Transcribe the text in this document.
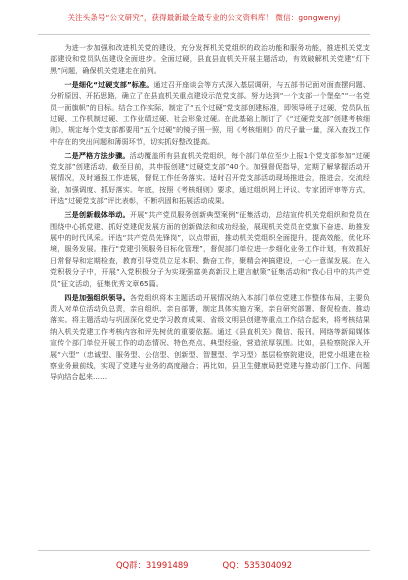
关注头条号“公文研究”，获得最新最全最专业的公文资料库！ 微信：gongwenyj

为进一步加强和改进机关党的建设，充分发挥机关党组织的政治功能和服务功能，推进机关党支部建设和党员队伍建设全面进步。全面过硬，县直县直机关开展主题活动，有效破解机关党建“灯下黑”问题，确保机关党建走在前列。

一是细化“过硬支部”标准。通过召开座谈会等方式深入基层调研，与五部书记面对面查摆问题、分析原因、开拓思路，确立了在县直机关重点建设示范党支部。努力达到“一个支部一个堡垒”“一名党员一面旗帜”的目标。结合工作实际，制定了“五个过硬”党支部创建标准，即领导班子过硬、党员队伍过硬、工作机制过硬、工作业绩过硬、社会形象过硬。在此基础上制订了《“过硬党支部”创建考核细则》，规定每个党支部都要用“五个过硬”的镜子照一照，用《考核细则》的尺子量一量，深入查找工作中存在的突出问题和薄弱环节，切实抓好整改提高。

二是严格方法步骤。活动覆盖所有县直机关党组织，每个部门单位至少上报1个党支部参加“过硬党支部”创建活动，截至目前，共申报创建“过硬党支部”40个。加强督促指导，定期了解掌握活动开展情况，及时通报工作进展，督促工作任务落实。适时召开党支部活动现场推进会，推进会，交流经验，加强调度、抓好落实。年底，按照《考核细则》要求，通过组织网上评议、专家团评审等方式，评选“过硬党支部”评比表彰，不断巩固和拓展活动成果。

三是创新载体举动。开展“共产党员服务创新典型案例”征集活动，总结宣传机关党组织和党员在围绕中心抓党建、抓好党建促发展方面的创新做法和成功经验，展现机关党员在党旗下奋进、助推发展中的时代风采。评选“共产党员先锋岗”，以点带面，推动机关党组织全面提升，提高效能，优化环境，服务发展。推行“党建引领服务目标化管理”，督促部门单位进一步细化业务工作计划，有效抓好日常督导和定期检查，教育引导党员立足本职、勤奋工作，聚精会神搞建设，一心一意谋发展。在入党积极分子中，开展“入党积极分子为实现强富美高新汉上建言献策”征集活动和“我心目中的共产党员”征文活动，征集优秀文章65篇。

四是加强组织领导。各党组织将本主题活动开展情况纳入本部门单位党建工作整体布局，主要负责人对单位活动负总责，亲自组织、亲自部署，制定具体实施方案，亲自研究部署、督促检查、推动落实。将主题活动与巩固深化党史学习教育成果、省级文明县创建等重点工作结合起来，将考核结果纳入机关党建工作考核内容和评先树优的重要依据。通过《县直机关》微信、报刊、网络等新闻媒体宣传个部门单位开展工作的动态情况、特色亮点、典型经验，营造浓厚氛围。比如，县检察院深入开展“六型”（忠诚型、服务型、公信型、创新型、智慧型、学习型）基层检察院建设，把党小组建在检察业务最前线，实现了党建与业务的高度融合；再比如，县卫生健康局把党建与推动部门工作、问题导向结合起来……

QQ群：31991489	QQ：535304092
